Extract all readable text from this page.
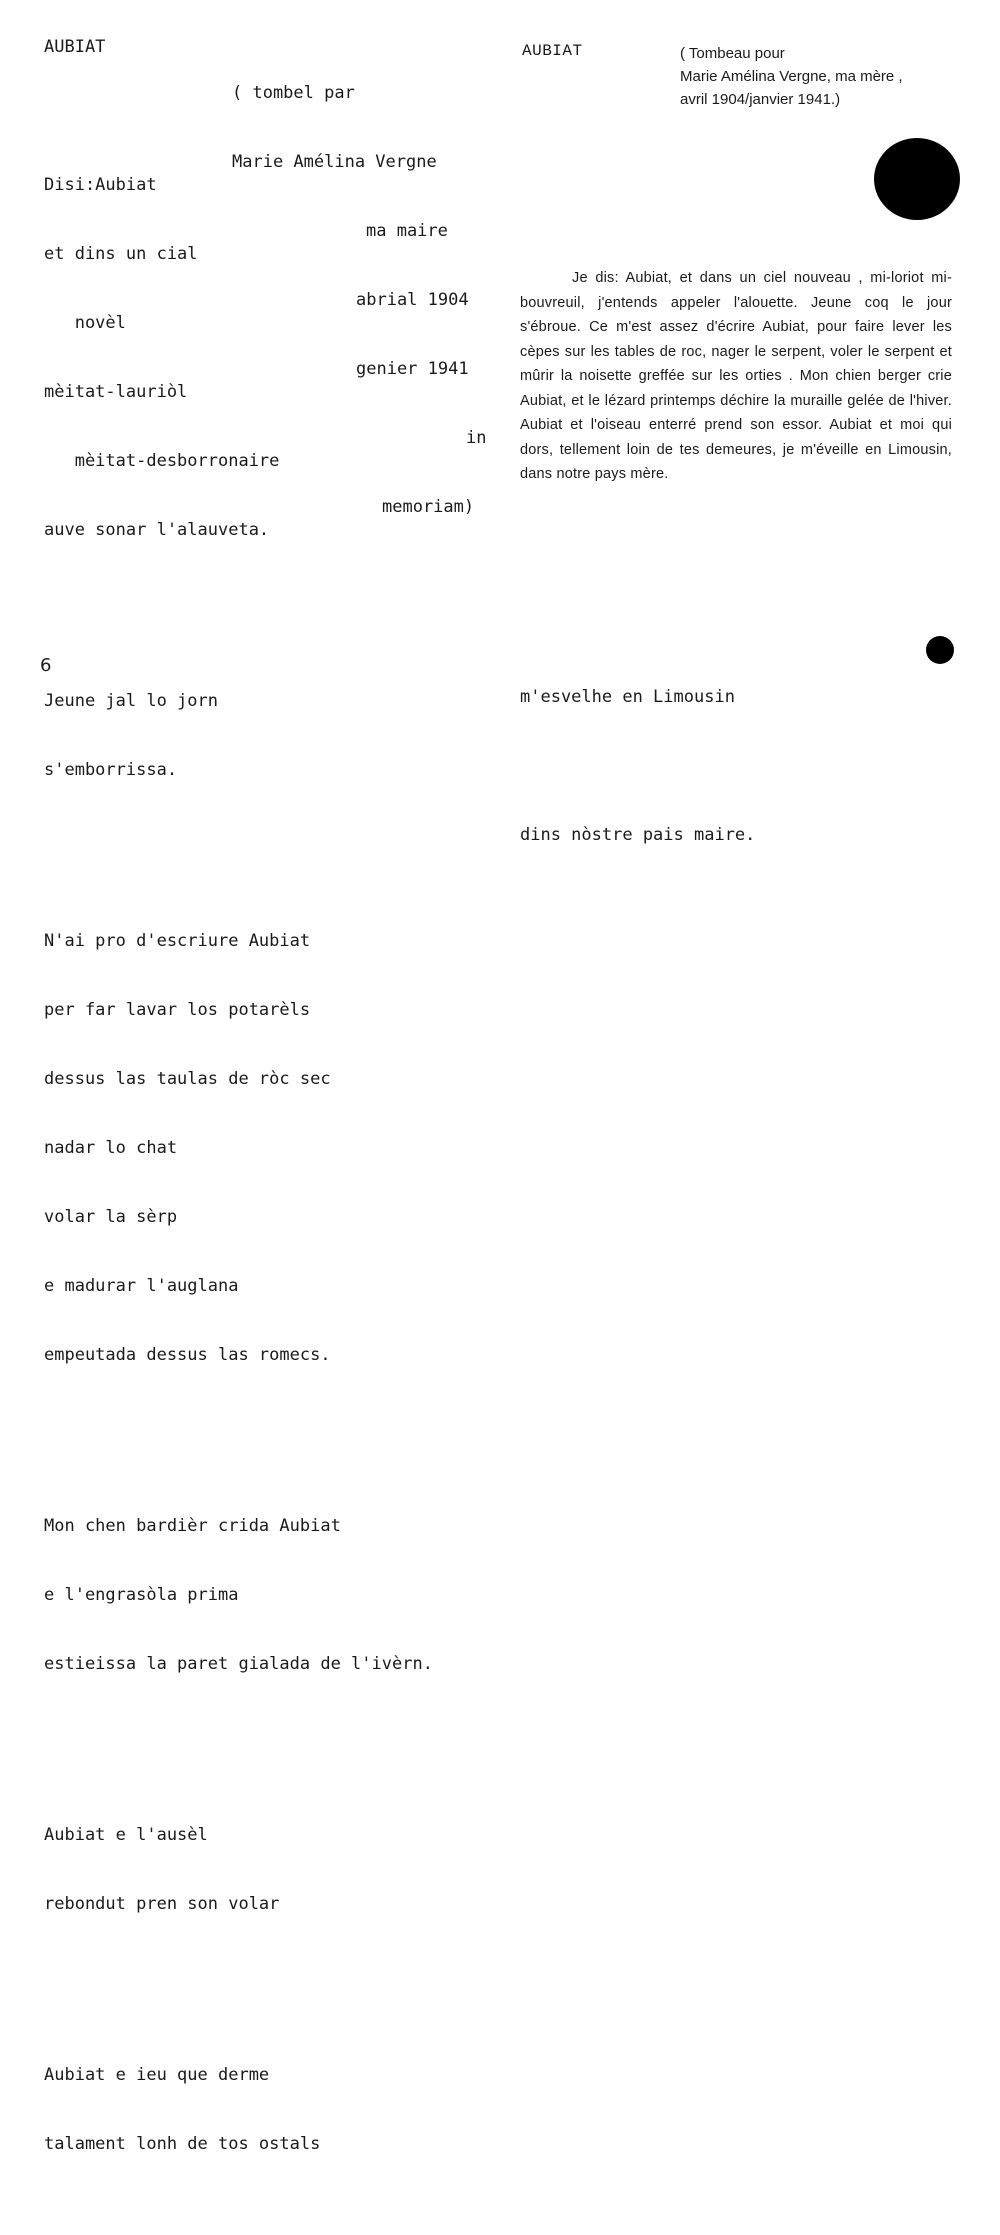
AUBIAT

( tombel par

Marie Amélina Vergne

ma maire

abrial 1904

genier 1941

in

memoriam)

Disi:Aubiat

et dins un cial

novèl

mèitat-lauriòl

mèitat-desborronaire

auve sonar l'alauveta.

Jeune jal lo jorn

s'emborrissa.

N'ai pro d'escriure Aubiat

per far lavar los potarèls

dessus las taulas de ròc sec

nadar lo chat

volar la sèrp

e madurar l'auglana

empeutada dessus las romecs.

Mon chen bardièr crida Aubiat

e l'engrasòla prima

estieissa la paret gialada de l'ivèrn.

Aubiat e l'ausèl

rebondut pren son volar

Aubiat e ieu que derme

talament lonh de tos ostals

6
AUBIAT	( Tombeau pour
Marie Amélina Vergne, ma mère ,
avril 1904/janvier 1941.)

Je dis: Aubiat, et dans un ciel nouveau , mi-loriot mi-bouvreuil, j'entends appeler l'alouette. Jeune coq le jour s'ébroue. Ce m'est assez d'écrire Aubiat, pour faire lever les cèpes sur les tables de roc, nager le serpent, voler le serpent et mûrir la noisette greffée sur les orties . Mon chien berger crie Aubiat, et le lézard printemps déchire la muraille gelée de l'hiver. Aubiat et l'oiseau enterré prend son essor. Aubiat et moi qui dors, tellement loin de tes demeures, je m'éveille en Limousin, dans notre pays mère.

m'esvelhe en Limousin

dins nòstre pais maire.
